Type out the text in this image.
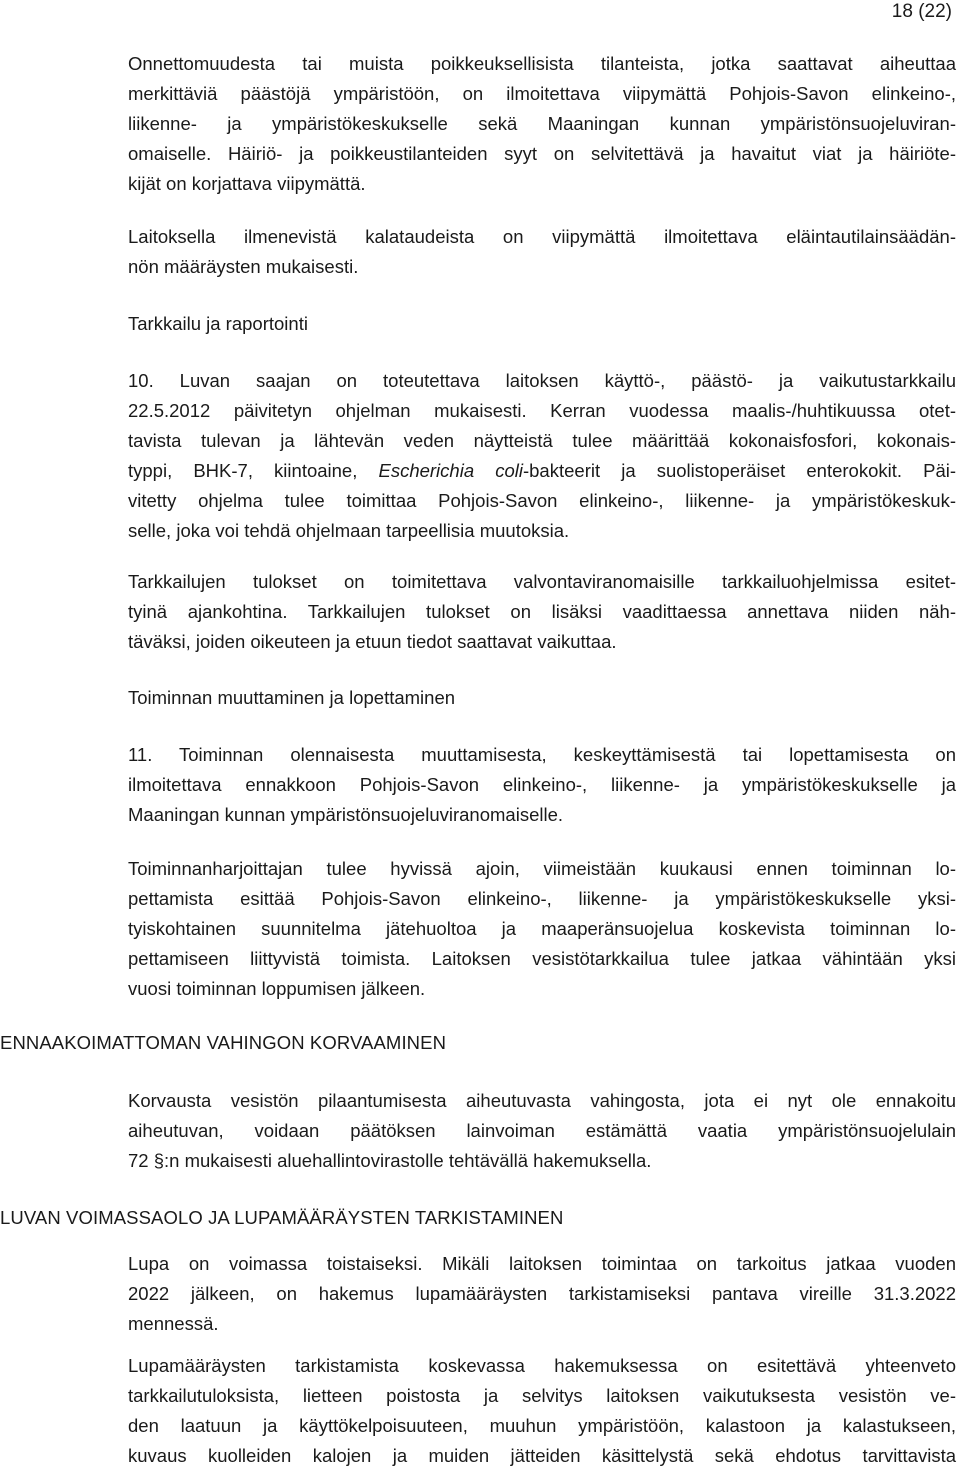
18 (22)
Onnettomuudesta tai muista poikkeuksellisista tilanteista, jotka saattavat aiheuttaa
merkittäviä päästöjä ympäristöön, on ilmoitettava viipymättä Pohjois-Savon elinkeino-,
liikenne- ja ympäristökeskukselle sekä Maaningan kunnan ympäristönsuojeluviran-
omaiselle. Häiriö- ja poikkeustilanteiden syyt on selvitettävä ja havaitut viat ja häiriöte-
kijät on korjattava viipymättä.
Laitoksella ilmenevistä kalataudeista on viipymättä ilmoitettava eläintautilainsäädän-
nön määräysten mukaisesti.
Tarkkailu ja raportointi
10. Luvan saajan on toteutettava laitoksen käyttö-, päästö- ja vaikutustarkkailu
22.5.2012 päivitetyn ohjelman mukaisesti. Kerran vuodessa maalis-/huhtikuussa otet-
tavista tulevan ja lähtevän veden näytteistä tulee määrittää kokonaisfosfori, kokonais-
typpi, BHK-7, kiintoaine, Escherichia coli-bakteerit ja suolistoperäiset enterokokit. Päi-
vitetty ohjelma tulee toimittaa Pohjois-Savon elinkeino-, liikenne- ja ympäristökeskuk-
selle, joka voi tehdä ohjelmaan tarpeellisia muutoksia.
Tarkkailujen tulokset on toimitettava valvontaviranomaisille tarkkailuohjelmissa esitet-
tyinä ajankohtina. Tarkkailujen tulokset on lisäksi vaadittaessa annettava niiden näh-
täväksi, joiden oikeuteen ja etuun tiedot saattavat vaikuttaa.
Toiminnan muuttaminen ja lopettaminen
11. Toiminnan olennaisesta muuttamisesta, keskeyttämisestä tai lopettamisesta on
ilmoitettava ennakkoon Pohjois-Savon elinkeino-, liikenne- ja ympäristökeskukselle ja
Maaningan kunnan ympäristönsuojeluviranomaiselle.
Toiminnanharjoittajan tulee hyvissä ajoin, viimeistään kuukausi ennen toiminnan lo-
pettamista esittää Pohjois-Savon elinkeino-, liikenne- ja ympäristökeskukselle yksi-
tyiskohtainen suunnitelma jätehuoltoa ja maaperänsuojelua koskevista toiminnan lo-
pettamiseen liittyvistä toimista. Laitoksen vesistötarkkailua tulee jatkaa vähintään yksi
vuosi toiminnan loppumisen jälkeen.
ENNAAKOIMATTOMAN VAHINGON KORVAAMINEN
Korvausta vesistön pilaantumisesta aiheutuvasta vahingosta, jota ei nyt ole ennakoitu
aiheutuvan, voidaan päätöksen lainvoiman estämättä vaatia ympäristönsuojelulain
72 §:n mukaisesti aluehallintovirastolle tehtävällä hakemuksella.
LUVAN VOIMASSAOLO JA LUPAMÄÄRÄYSTEN TARKISTAMINEN
Lupa on voimassa toistaiseksi. Mikäli laitoksen toimintaa on tarkoitus jatkaa vuoden
2022 jälkeen, on hakemus lupamääräysten tarkistamiseksi pantava vireille 31.3.2022
mennessä.
Lupamääräysten tarkistamista koskevassa hakemuksessa on esitettävä yhteenveto
tarkkailutuloksista, lietteen poistosta ja selvitys laitoksen vaikutuksesta vesistön ve-
den laatuun ja käyttökelpoisuuteen, muuhun ympäristöön, kalastoon ja kalastukseen,
kuvaus kuolleiden kalojen ja muiden jätteiden käsittelystä sekä ehdotus tarvittavista
